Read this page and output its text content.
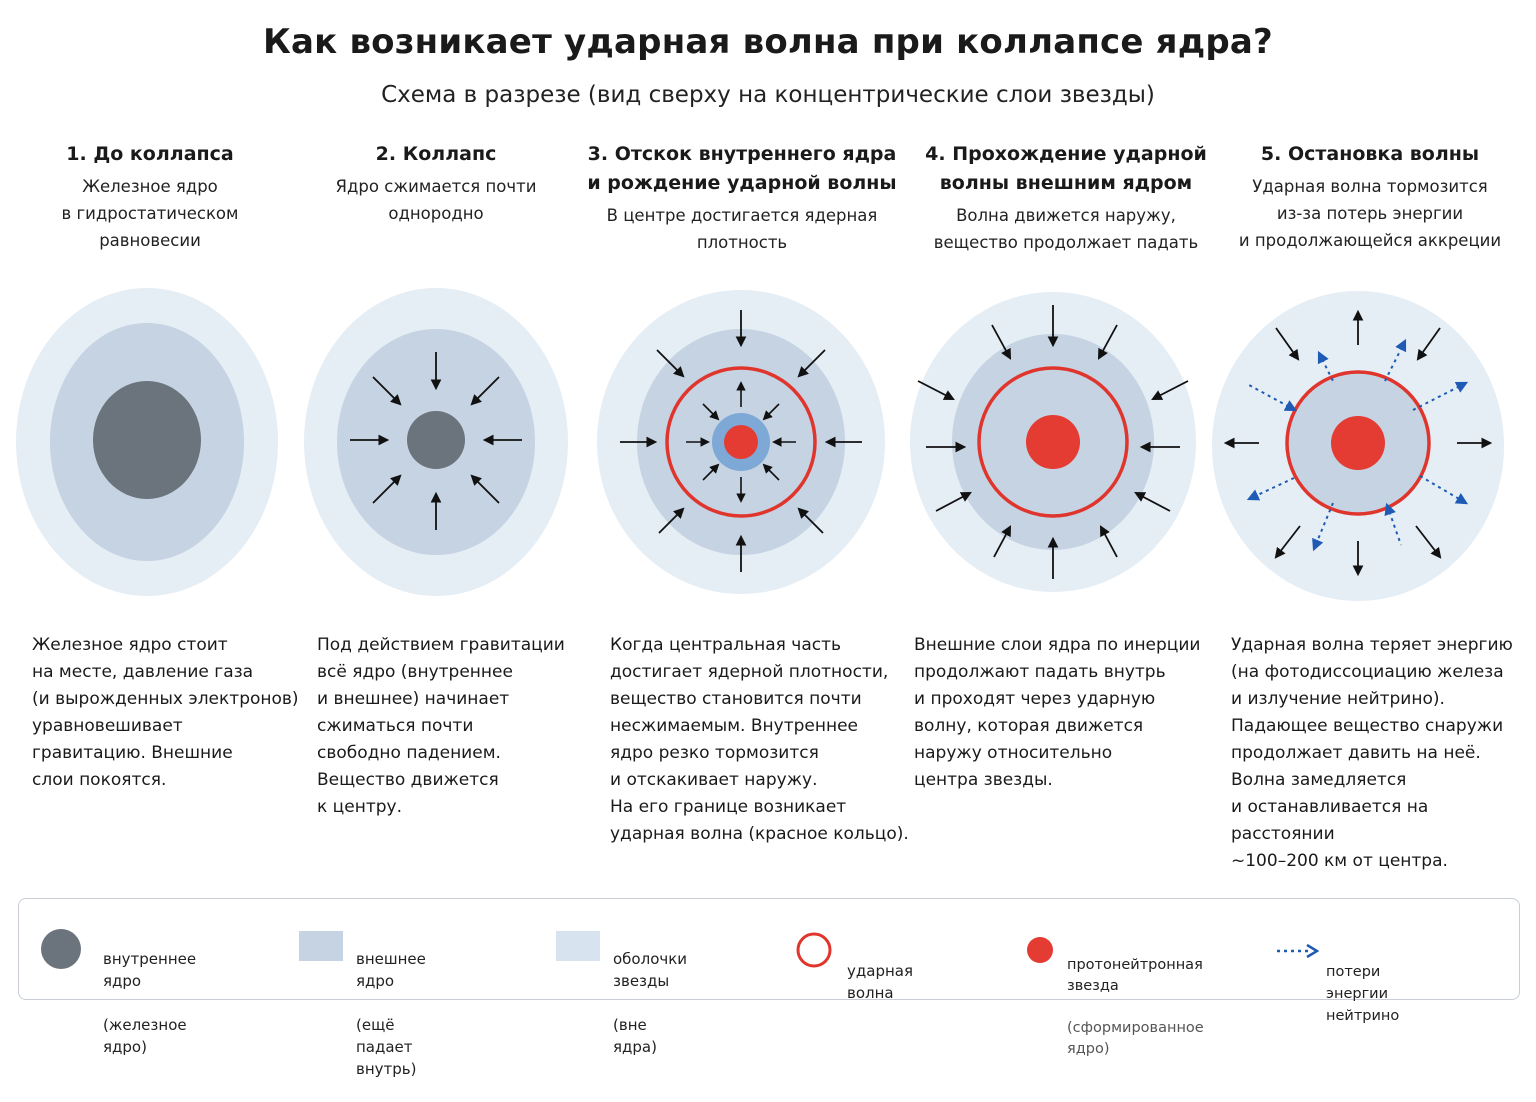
Как возникает ударная волна при коллапсе ядра?
Схема в разрезе (вид сверху на концентрические слои звезды)
1. До коллапса
Железное ядро
в гидростатическом
равновесии
2. Коллапс
Ядро сжимается почти
однородно
3. Отскок внутреннего ядра
и рождение ударной волны
В центре достигается ядерная
плотность
4. Прохождение ударной
волны внешним ядром
Волна движется наружу,
вещество продолжает падать
5. Остановка волны
Ударная волна тормозится
из-за потерь энергии
и продолжающейся аккреции
Железное ядро стоит
на месте, давление газа
(и вырожденных электронов)
уравновешивает
гравитацию. Внешние
слои покоятся.
Под действием гравитации
всё ядро (внутреннее
и внешнее) начинает
сжиматься почти
свободно падением.
Вещество движется
к центру.
Когда центральная часть
достигает ядерной плотности,
вещество становится почти
несжимаемым. Внутреннее
ядро резко тормозится
и отскакивает наружу.
На его границе возникает
ударная волна (красное кольцо).
Внешние слои ядра по инерции
продолжают падать внутрь
и проходят через ударную
волну, которая движется
наружу относительно
центра звезды.
Ударная волна теряет энергию
(на фотодиссоциацию железа
и излучение нейтрино).
Падающее вещество снаружи
продолжает давить на неё.
Волна замедляется
и останавливается на расстоянии
~100–200 км от центра.

внутреннее ядро

(железное ядро)

внешнее ядро

(ещё падает внутрь)

оболочки звезды

(вне ядра)

ударная волна

протонейтронная звезда

(сформированное ядро)

потери энергии нейтрино
